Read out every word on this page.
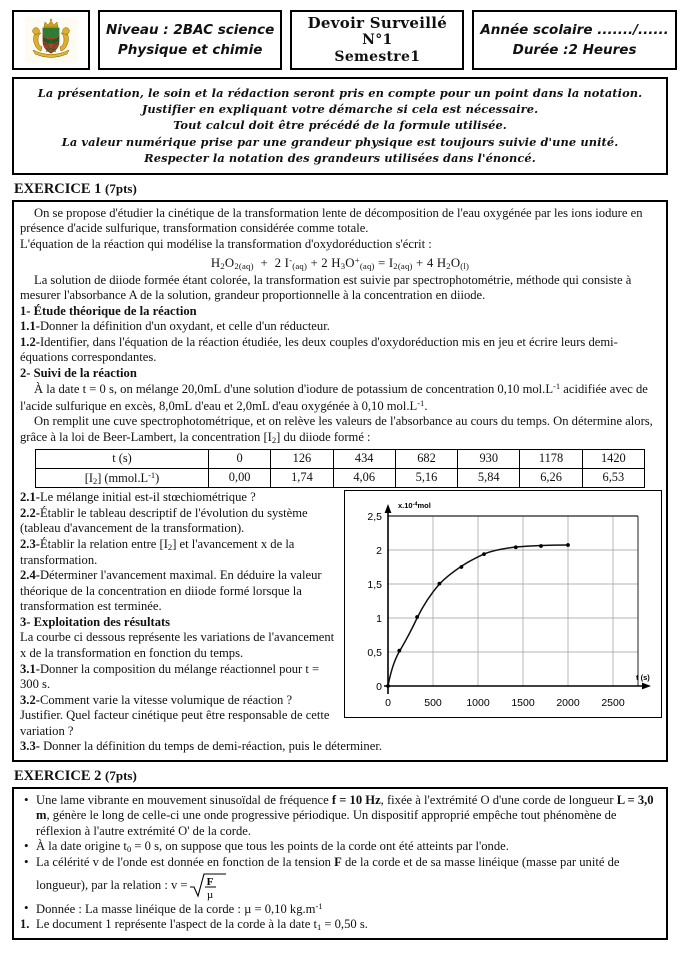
Niveau : 2BAC science
Physique et chimie
Devoir Surveillé
N°1
Semestre1
Année scolaire ......./......
Durée :2 Heures
La présentation, le soin et la rédaction seront pris en compte pour un point dans la notation.
Justifier en expliquant votre démarche si cela est nécessaire.
Tout calcul doit être précédé de la formule utilisée.
La valeur numérique prise par une grandeur physique est toujours suivie d'une unité.
Respecter la notation des grandeurs utilisées dans l'énoncé.
EXERCICE 1 (7pts)

On se propose d'étudier la cinétique de la transformation lente de décomposition de l'eau oxygénée par les ions iodure en présence d'acide sulfurique, transformation considérée comme totale.

L'équation de la réaction qui modélise la transformation d'oxydoréduction s'écrit :

$H_2O_{2(aq)} + 2$ $I^-_{(aq)} + 2$ $H_3O^+_{(aq)} = I_{2(aq)} + 4$ $H_2O_{(l)}$

La solution de diiode formée étant colorée, la transformation est suivie par spectrophotométrie, méthode qui consiste à mesurer l'absorbance A de la solution, grandeur proportionnelle à la concentration en diiode.

1- Étude théorique de la réaction

1.1-Donner la définition d'un oxydant, et celle d'un réducteur.

1.2-Identifier, dans l'équation de la réaction étudiée, les deux couples d'oxydoréduction mis en jeu et écrire leurs demi-équations correspondantes.

2- Suivi de la réaction

À la date t = 0 s, on mélange 20,0mL d'une solution d'iodure de potassium de concentration 0,10 $mol.L^{-1}$ acidifiée avec de l'acide sulfurique en excès, 8,0mL d'eau et 2,0mL d'eau oxygénée à 0,10 $mol.L^{-1}$.

On remplit une cuve spectrophotométrique, et on relève les valeurs de l'absorbance au cours du temps. On détermine alors, grâce à la loi de Beer-Lambert, la concentration $[I_2]$ du diiode formé :

t (s)	0	126	434	682	930	1178	1420
$[I_2]$ $(mmol.L^{-1})$	0,00	1,74	4,06	5,16	5,84	6,26	6,53

2.1-Le mélange initial est-il stœchiométrique ?

2.2-Établir le tableau descriptif de l'évolution du système (tableau d'avancement de la transformation).

2.3-Établir la relation entre $[I_2]$ et l'avancement x de la transformation.

2.4-Déterminer l'avancement maximal. En déduire la valeur théorique de la concentration en diiode formé lorsque la transformation est terminée.

3- Exploitation des résultats

La courbe ci dessous représente les variations de l'avancement x de la transformation en fonction du temps.

3.1-Donner la composition du mélange réactionnel pour t = 300 s.

3.2-Comment varie la vitesse volumique de réaction ? Justifier. Quel facteur cinétique peut être responsable de cette variation ?

2,5
2
1,5
1
0,5
0
0	500 1000 1500 2000 2500
$x.10^{-4}mol$
t (s)

3.3- Donner la définition du temps de demi-réaction, puis le déterminer.

EXERCICE 2 (7pts)

• Une lame vibrante en mouvement sinusoïdal de fréquence f = 10 Hz, fixée à l'extrémité O d'une corde de longueur L = 3,0 m, génère le long de celle-ci une onde progressive périodique. Un dispositif approprié empêche tout phénomène de réflexion à l'autre extrémité O' de la corde.

• À la date origine $t_0 = 0$ s, on suppose que tous les points de la corde ont été atteints par l'onde.

• La célérité v de l'onde est donnée en fonction de la tension F de la corde et de sa masse linéique (masse par unité de longueur), par la relation : v = F
µ

• Donnée : La masse linéique de la corde : µ = 0,10 $kg.m^{-1}$

1. Le document 1 représente l'aspect de la corde à la date $t_1 = 0,50$ s.
